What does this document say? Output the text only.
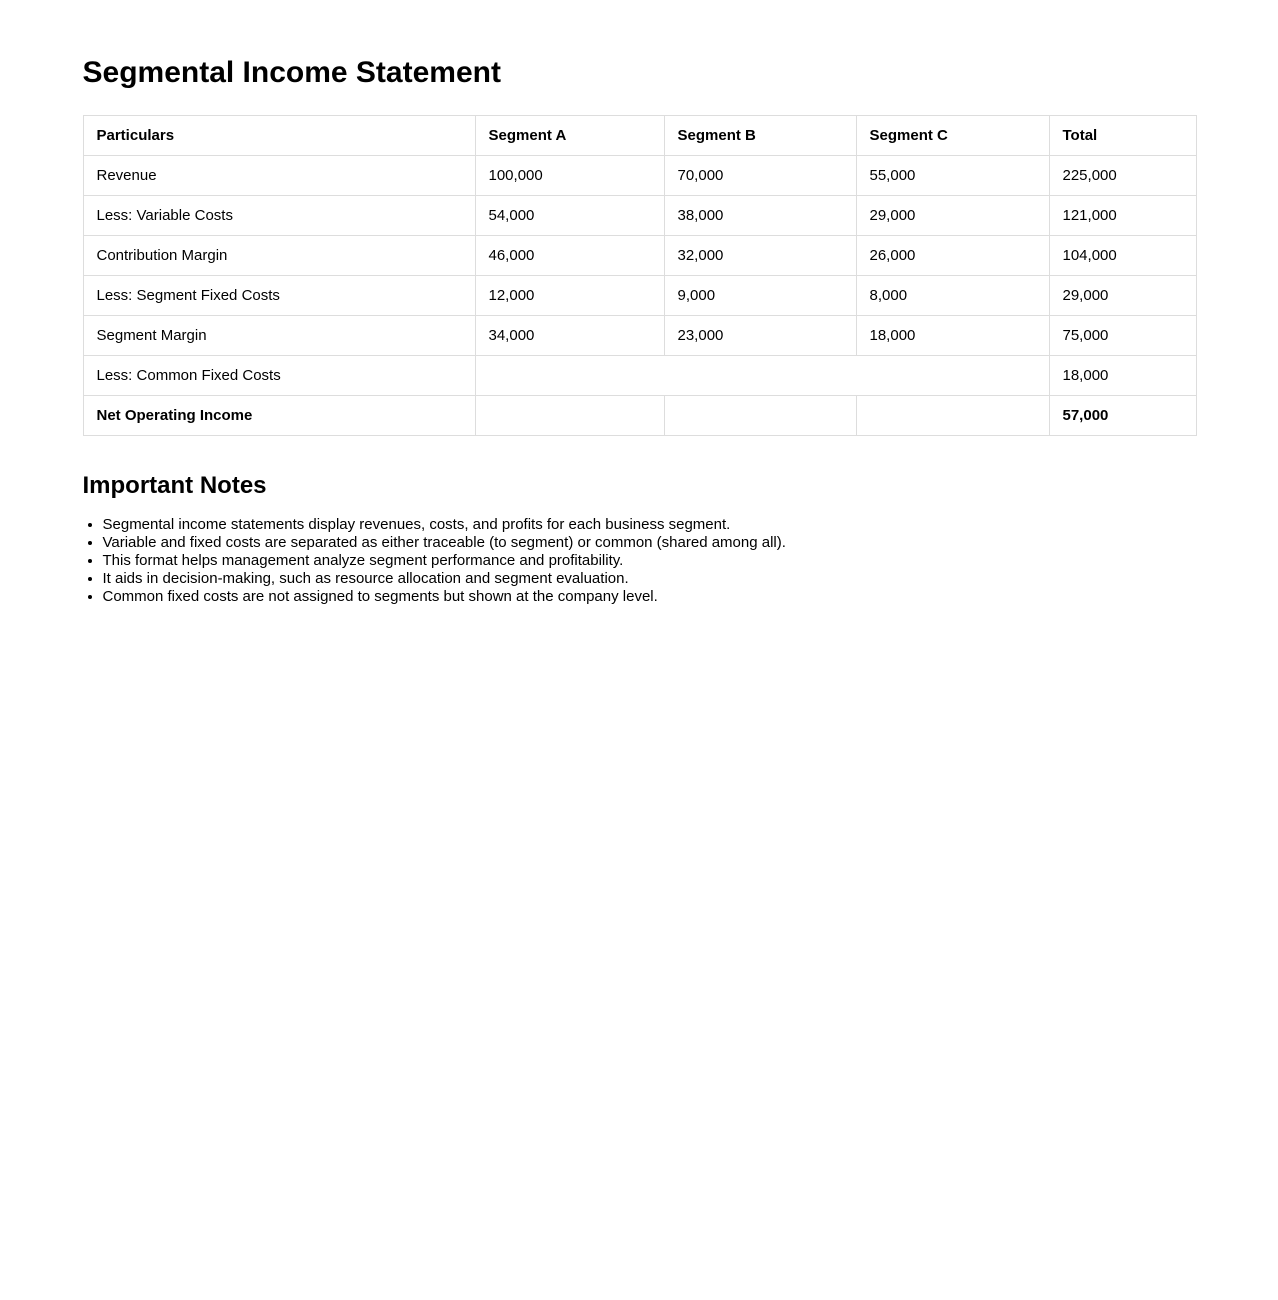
Segmental Income Statement
Particulars	Segment A	Segment B	Segment C	Total
Revenue	100,000	70,000	55,000	225,000
Less: Variable Costs	54,000	38,000	29,000	121,000
Contribution Margin	46,000	32,000	26,000	104,000
Less: Segment Fixed Costs	12,000	9,000	8,000	29,000
Segment Margin	34,000	23,000	18,000	75,000
Less: Common Fixed Costs				18,000
Net Operating Income				57,000
Important Notes
• Segmental income statements display revenues, costs, and profits for each business segment.
• Variable and fixed costs are separated as either traceable (to segment) or common (shared among all).
• This format helps management analyze segment performance and profitability.
• It aids in decision-making, such as resource allocation and segment evaluation.
• Common fixed costs are not assigned to segments but shown at the company level.
